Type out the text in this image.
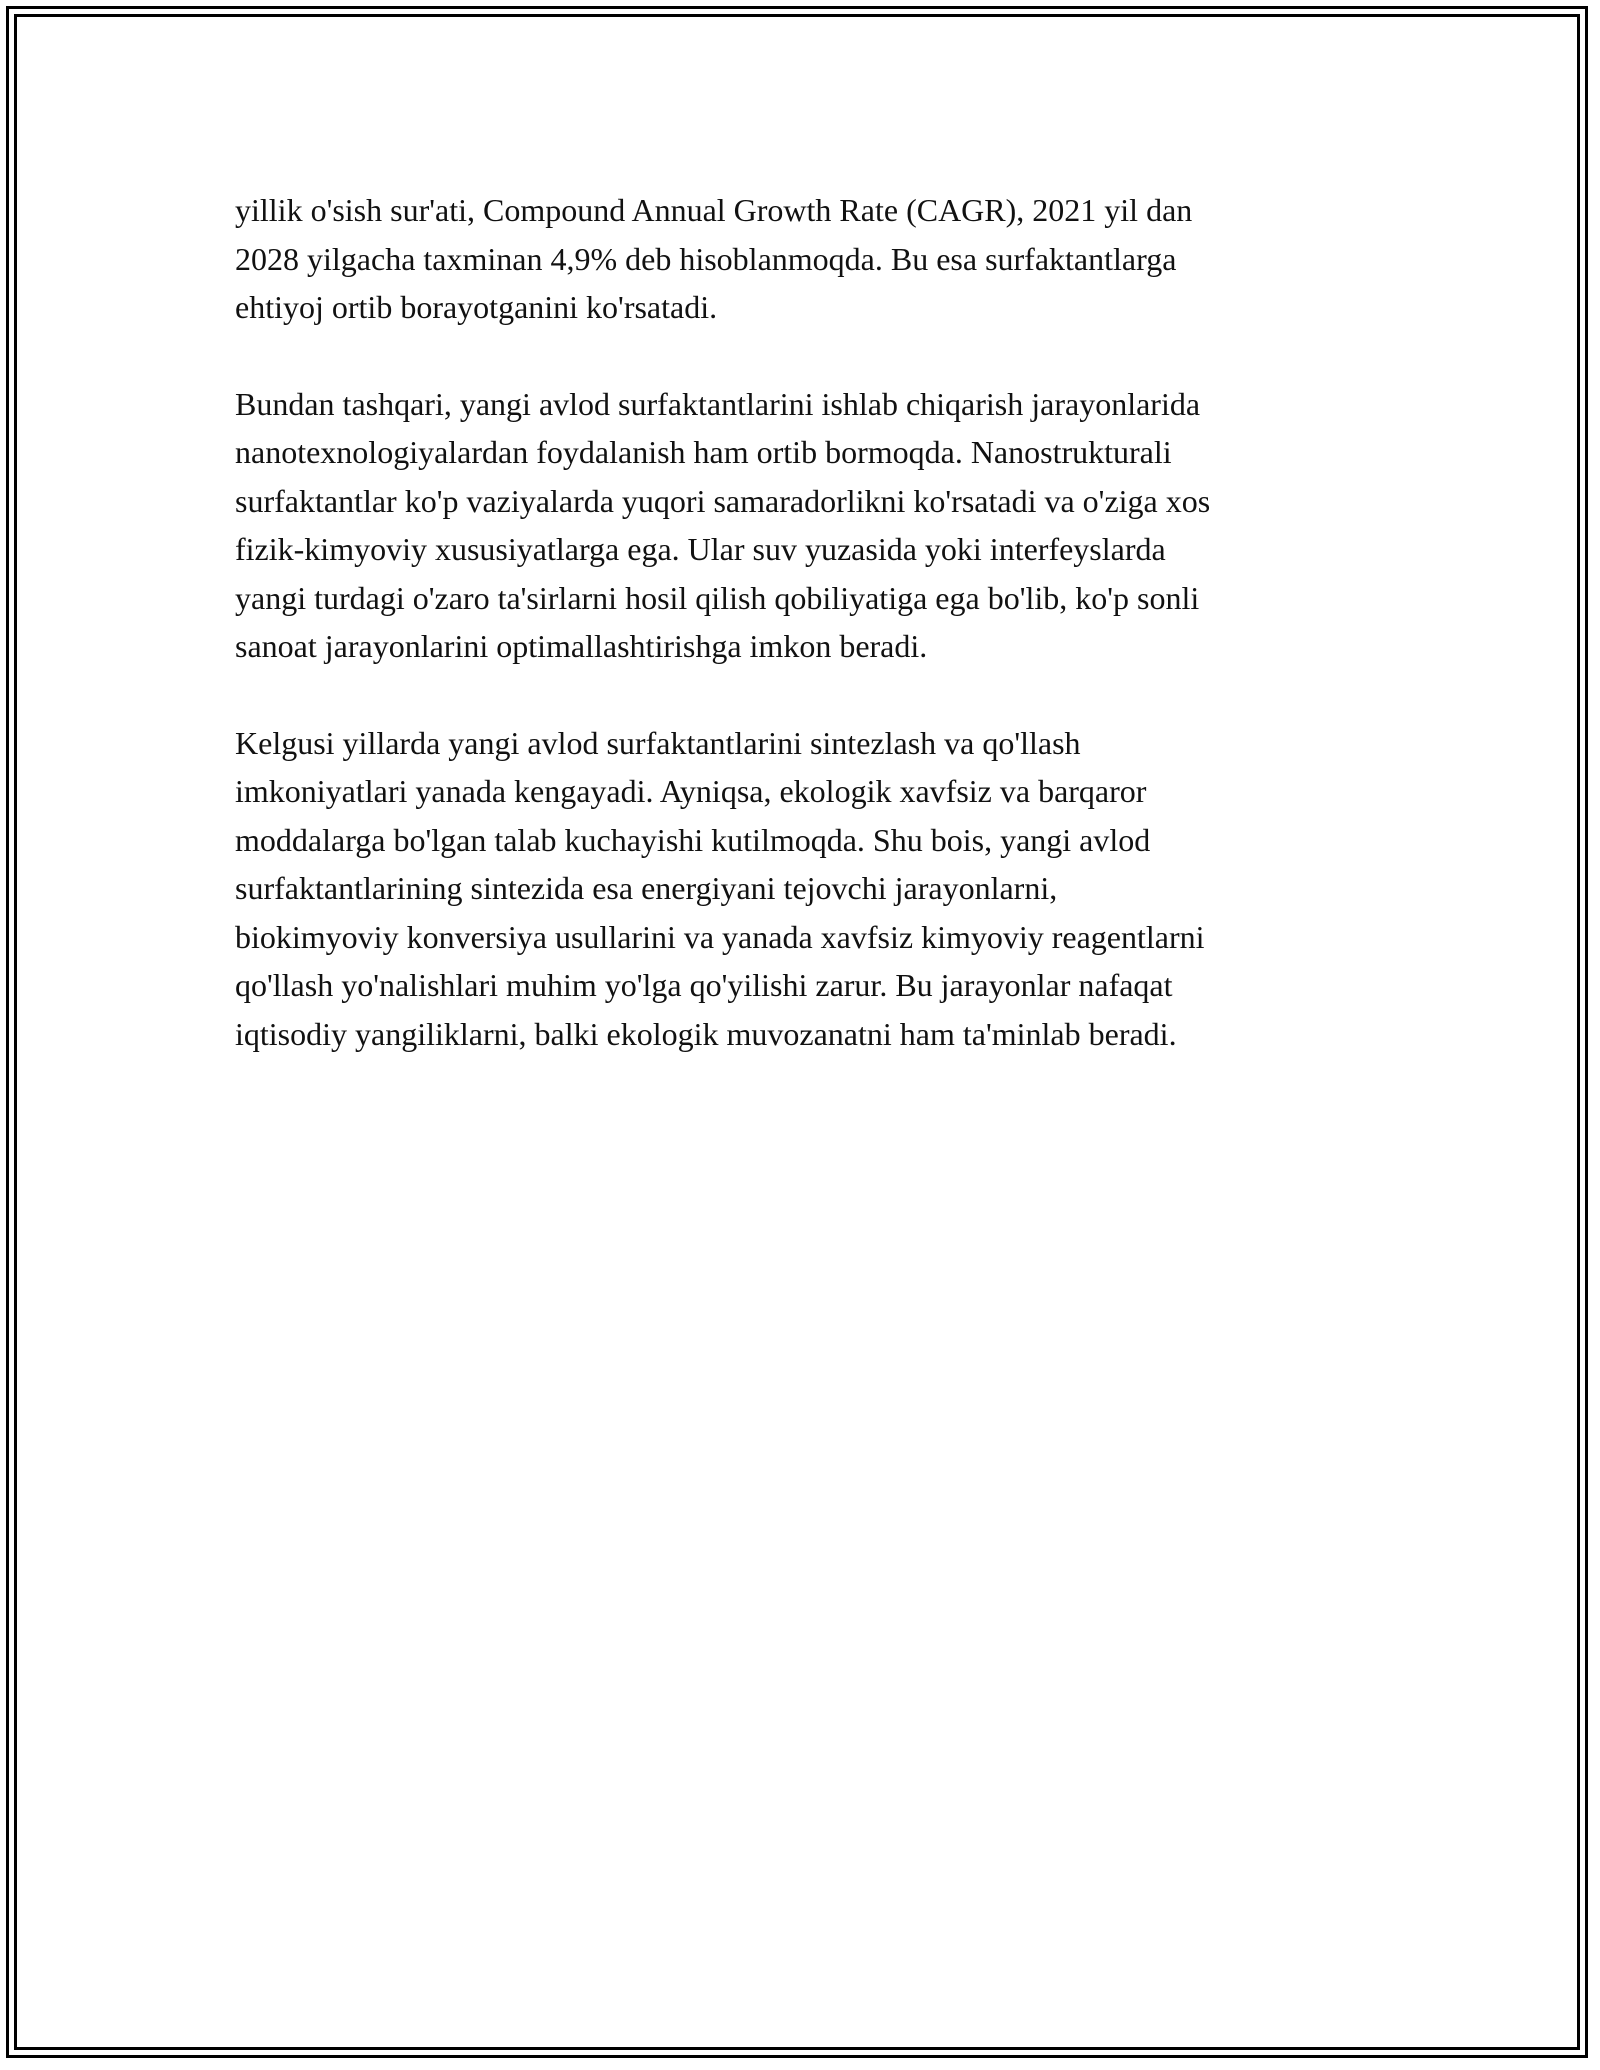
yillik o'sish sur'ati, Compound Annual Growth Rate (CAGR), 2021 yil dan
2028 yilgacha taxminan 4,9% deb hisoblanmoqda. Bu esa surfaktantlarga
ehtiyoj ortib borayotganini ko'rsatadi.

Bundan tashqari, yangi avlod surfaktantlarini ishlab chiqarish jarayonlarida
nanotexnologiyalardan foydalanish ham ortib bormoqda. Nanostrukturali
surfaktantlar ko'p vaziyalarda yuqori samaradorlikni ko'rsatadi va o'ziga xos
fizik-kimyoviy xususiyatlarga ega. Ular suv yuzasida yoki interfeyslarda
yangi turdagi o'zaro ta'sirlarni hosil qilish qobiliyatiga ega bo'lib, ko'p sonli
sanoat jarayonlarini optimallashtirishga imkon beradi.

Kelgusi yillarda yangi avlod surfaktantlarini sintezlash va qo'llash
imkoniyatlari yanada kengayadi. Ayniqsa, ekologik xavfsiz va barqaror
moddalarga bo'lgan talab kuchayishi kutilmoqda. Shu bois, yangi avlod
surfaktantlarining sintezida esa energiyani tejovchi jarayonlarni,
biokimyoviy konversiya usullarini va yanada xavfsiz kimyoviy reagentlarni
qo'llash yo'nalishlari muhim yo'lga qo'yilishi zarur. Bu jarayonlar nafaqat
iqtisodiy yangiliklarni, balki ekologik muvozanatni ham ta'minlab beradi.
